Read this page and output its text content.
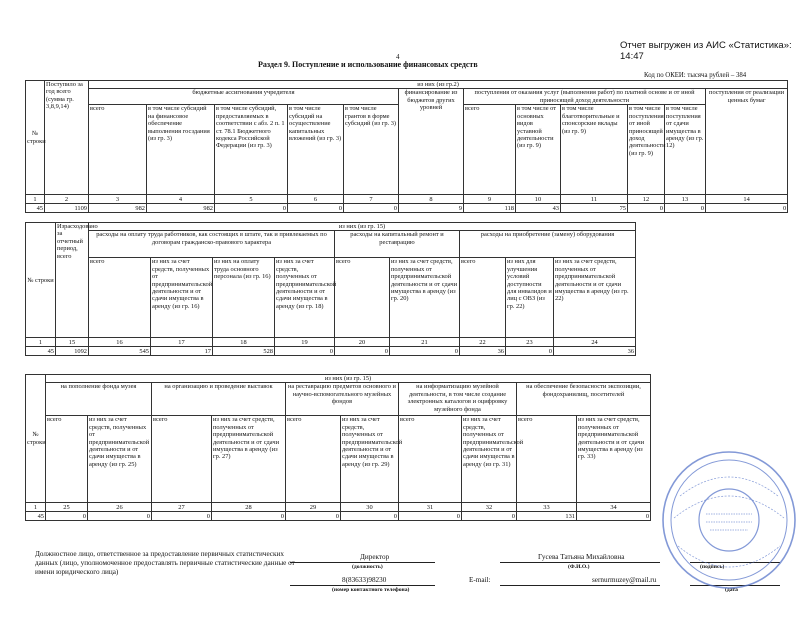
Отчет выгружен из АИС «Статистика»: 14:47
4
Раздел 9. Поступление и использование финансовых средств
Код по ОКЕИ: тысяча рублей – 384
№ строки	Поступило за год всего (сумма гр. 3,8,9,14)	из них (из гр.2)											
		бюджетные ассигнования учредителя					финансирование из бюджетов других уровней	поступления от оказания услуг (выполнения работ) по платной основе и от иной приносящей доход деятельности					поступления от реализации ценных бумаг
		всего	в том числе субсидий на финансовое обеспечение выполнения госздания (из гр. 3)	в том числе субсидий, предоставляемых в соответствии с абз. 2 п. 1 ст. 78.1 Бюджетного кодекса Российской Федерации (из гр. 3)	в том числе субсидий на осуществление капитальных вложений (из гр. 3)	в том числе грантов в форме субсидий (из гр. 3)		всего	в том числе от основных видов уставной деятельности (из гр. 9)	в том числе благотворительные и спонсорские вклады (из гр. 9)	в том числе поступления от иной приносящей доход деятельности (из гр. 9)	в том числе поступления от сдачи имущества в аренду (из гр. 12)	
1	2	3	4	5	6	7	8	9	10	11	12	13	14
45	1109	982	982	0	0	0	9	118	43	75	0	0	0
№ строки	Израсходовано за отчетный период, всего	из них (из гр. 15)								
		расходы на оплату труда работников, как состоящих в штате, так и привлекаемых по договорам гражданско-правового характера				расходы на капитальный ремонт и реставрацию		расходы на приобретение (замену) оборудования		
		всего	из них за счет средств, полученных от предпринимательской деятельности и от сдачи имущества в аренду (из гр. 16)	из них на оплату труда основного персонала (из гр. 16)	из них за счет средств, полученных от предпринимательской деятельности и от сдачи имущества в аренду (из гр. 18)	всего	из них за счет средств, полученных от предпринимательской деятельности и от сдачи имущества в аренду (из гр. 20)	всего	из них для улучшения условий доступности для инвалидов и лиц с ОВЗ (из гр. 22)	из них за счет средств, полученных от предпринимательской деятельности и от сдачи имущества в аренду (из гр. 22)
1	15	16	17	18	19	20	21	22	23	24
45	1092	545	17	528	0	0	0	36	0	36
№ строки	из них (из гр. 15)									
	на пополнение фонда музея		на организацию и проведение выставок		на реставрацию предметов основного и научно-вспомогательного музейных фондов		на информатизацию музейной деятельности, в том числе создание электронных каталогов и оцифровку музейного фонда		на обеспечение безопасности экспозиции, фондохранилищ, посетителей	
	всего	из них за счет средств, полученных от предпринимательской деятельности и от сдачи имущества в аренду (из гр. 25)	всего	из них за счет средств, полученных от предпринимательской деятельности и от сдачи имущества в аренду (из гр. 27)	всего	из них за счет средств, полученных от предпринимательской деятельности и от сдачи имущества в аренду (из гр. 29)	всего	из них за счет средств, полученных от предпринимательской деятельности и от сдачи имущества в аренду (из гр. 31)	всего	из них за счет средств, полученных от предпринимательской деятельности и от сдачи имущества в аренду (из гр. 33)
1	25	26	27	28	29	30	31	32	33	34
45	0	0	0	0	0	0	0	0	131	0
Должностное лицо, ответственное за предоставление первичных статистических данных (лицо, уполномоченное предоставлять первичные статистические данные от имени юридического лица)
Директор
(должность)
Гусева Татьяна Михайловна
(Ф.И.О.)	(подпись)
8(83633)98230
(номер контактного телефона)
E-mail:	sernurmuzey@mail.ru
(дата
